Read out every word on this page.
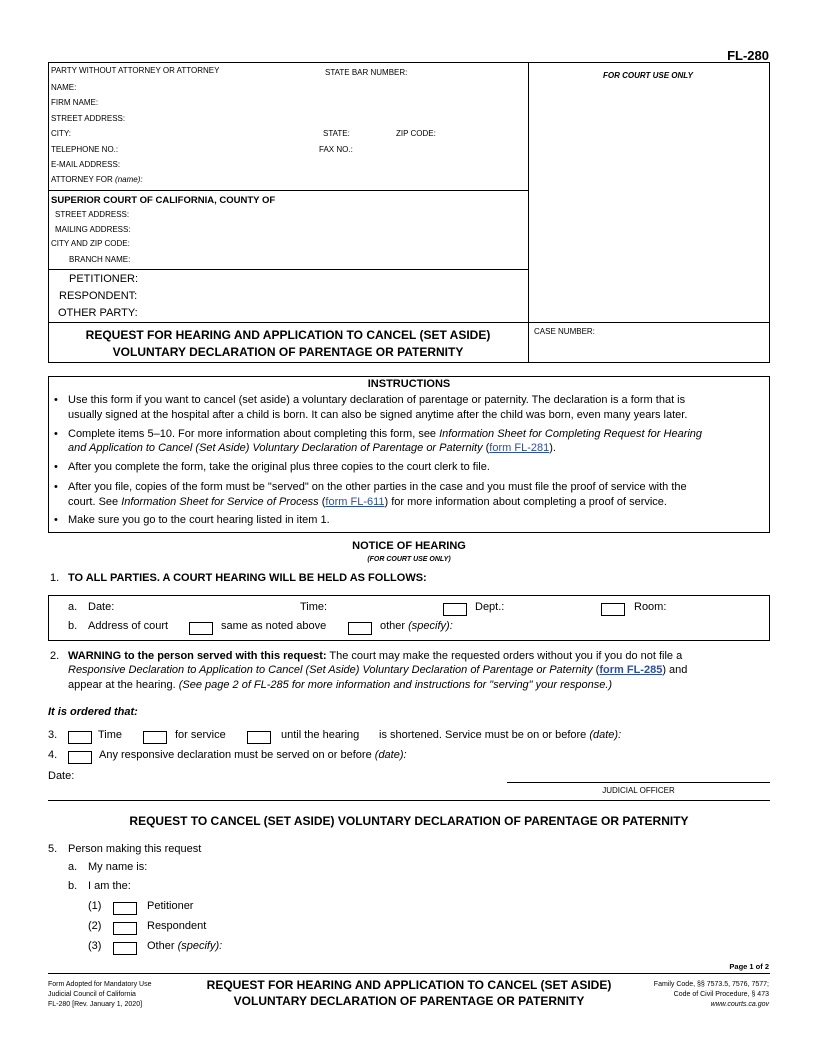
FL-280
PARTY WITHOUT ATTORNEY OR ATTORNEY	STATE BAR NUMBER:
NAME:
FIRM NAME:
STREET ADDRESS:
CITY:	STATE:	ZIP CODE:
TELEPHONE NO.:	FAX NO.:
E-MAIL ADDRESS:
ATTORNEY FOR (name):
FOR COURT USE ONLY
SUPERIOR COURT OF CALIFORNIA, COUNTY OF
STREET ADDRESS:
MAILING ADDRESS:
CITY AND ZIP CODE:
BRANCH NAME:
PETITIONER:
RESPONDENT:
OTHER PARTY:
REQUEST FOR HEARING AND APPLICATION TO CANCEL (SET ASIDE)
VOLUNTARY DECLARATION OF PARENTAGE OR PATERNITY
CASE NUMBER:
INSTRUCTIONS
• Use this form if you want to cancel (set aside) a voluntary declaration of parentage or paternity. The declaration is a form that is
usually signed at the hospital after a child is born. It can also be signed anytime after the child was born, even many years later.
• Complete items 5–10. For more information about completing this form, see Information Sheet for Completing Request for Hearing
and Application to Cancel (Set Aside) Voluntary Declaration of Parentage or Paternity (form FL-281).
• After you complete the form, take the original plus three copies to the court clerk to file.
• After you file, copies of the form must be "served" on the other parties in the case and you must file the proof of service with the
court. See Information Sheet for Service of Process (form FL-611) for more information about completing a proof of service.
• Make sure you go to the court hearing listed in item 1.
NOTICE OF HEARING
(FOR COURT USE ONLY)
1. TO ALL PARTIES. A COURT HEARING WILL BE HELD AS FOLLOWS:
a. Date:	Time:	Dept.:	Room:
b. Address of court	same as noted above	other (specify):
2. WARNING to the person served with this request: The court may make the requested orders without you if you do not file a
Responsive Declaration to Application to Cancel (Set Aside) Voluntary Declaration of Parentage or Paternity (form FL-285) and
appear at the hearing. (See page 2 of FL-285 for more information and instructions for "serving" your response.)
It is ordered that:
3.	Time	for service	until the hearing is shortened. Service must be on or before (date):
4.	Any responsive declaration must be served on or before (date):
Date:
JUDICIAL OFFICER
REQUEST TO CANCEL (SET ASIDE) VOLUNTARY DECLARATION OF PARENTAGE OR PATERNITY
5. Person making this request
a. My name is:
b. I am the:
(1)	Petitioner
(2)	Respondent
(3)	Other (specify):
Page 1 of 2
Form Adopted for Mandatory Use
Judicial Council of California
FL-280 [Rev. January 1, 2020]
REQUEST FOR HEARING AND APPLICATION TO CANCEL (SET ASIDE)
VOLUNTARY DECLARATION OF PARENTAGE OR PATERNITY
Family Code, §§ 7573.5, 7576, 7577;
Code of Civil Procedure, § 473
www.courts.ca.gov
